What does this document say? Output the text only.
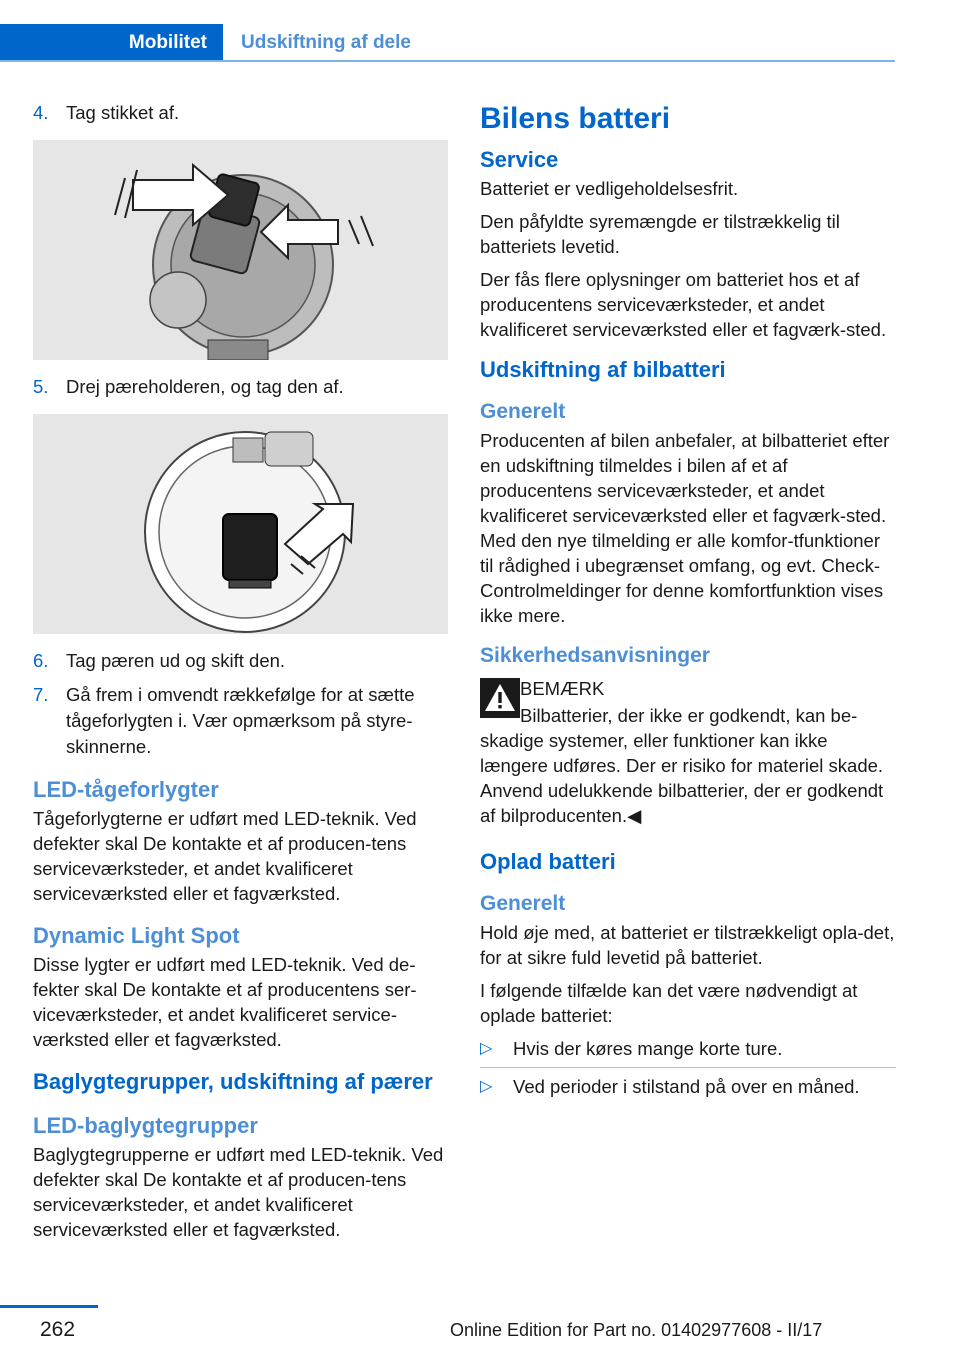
Mobilitet	Udskiftning af dele
4. Tag stikket af.
5. Drej pæreholderen, og tag den af.
6. Tag pæren ud og skift den.
7. Gå frem i omvendt rækkefølge for at sætte tågeforlygten i. Vær opmærksom på styre-skinnerne.
LED-tågeforlygter

Tågeforlygterne er udført med LED-teknik. Ved defekter skal De kontakte et af producen-tens serviceværksteder, et andet kvalificeret serviceværksted eller et fagværksted.

Dynamic Light Spot

Disse lygter er udført med LED-teknik. Ved de-fekter skal De kontakte et af producentens ser-viceværksteder, et andet kvalificeret service-værksted eller et fagværksted.

Baglygtegrupper, udskiftning af pærer
LED-baglygtegrupper

Baglygtegrupperne er udført med LED-teknik. Ved defekter skal De kontakte et af producen-tens serviceværksteder, et andet kvalificeret serviceværksted eller et fagværksted.

Bilens batteri
Service

Batteriet er vedligeholdelsesfrit.

Den påfyldte syremængde er tilstrækkelig til batteriets levetid.

Der fås flere oplysninger om batteriet hos et af producentens serviceværksteder, et andet kvalificeret serviceværksted eller et fagværk-sted.

Udskiftning af bilbatteri
Generelt

Producenten af bilen anbefaler, at bilbatteriet efter en udskiftning tilmeldes i bilen af et af producentens serviceværksteder, et andet kvalificeret serviceværksted eller et fagværk-sted. Med den nye tilmelding er alle komfor-tfunktioner til rådighed i ubegrænset omfang, og evt. Check-Controlmeldinger for denne komfortfunktion vises ikke mere.

Sikkerhedsanvisninger
BEMÆRK
Bilbatterier, der ikke er godkendt, kan be-skadige systemer, eller funktioner kan ikke længere udføres. Der er risiko for materiel skade. Anvend udelukkende bilbatterier, der er godkendt af bilproducenten.◀
Oplad batteri
Generelt

Hold øje med, at batteriet er tilstrækkeligt opla-det, for at sikre fuld levetid på batteriet.

I følgende tilfælde kan det være nødvendigt at oplade batteriet:

▷ Hvis der køres mange korte ture.
▷ Ved perioder i stilstand på over en måned.
262	Online Edition for Part no. 01402977608 - II/17
